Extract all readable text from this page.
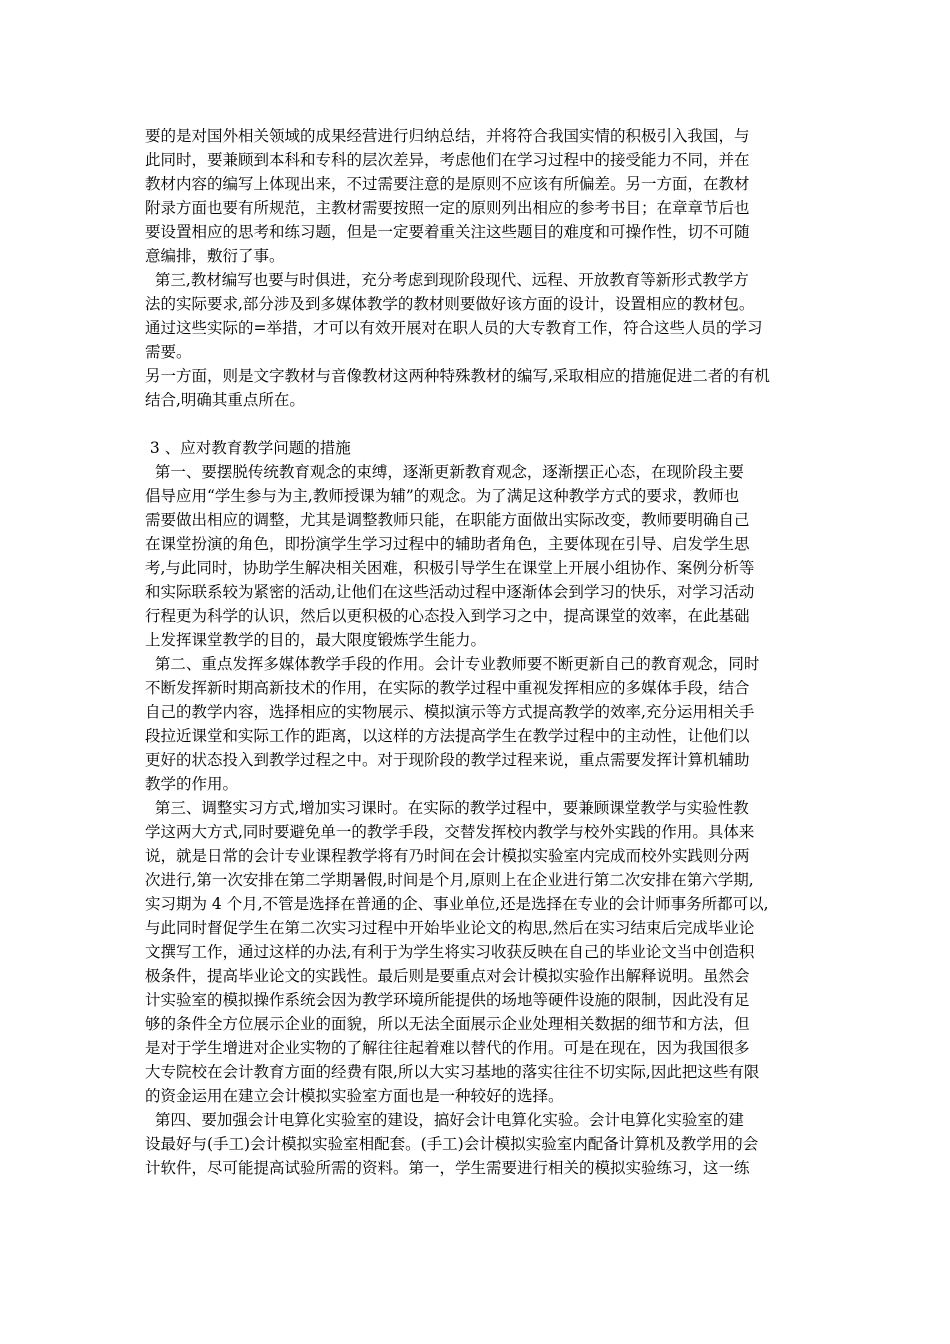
要的是对国外相关领域的成果经营进行归纳总结，并将符合我国实情的积极引入我国，与
此同时，要兼顾到本科和专科的层次差异，考虑他们在学习过程中的接受能力不同，并在
教材内容的编写上体现出来，不过需要注意的是原则不应该有所偏差。另一方面，在教材
附录方面也要有所规范，主教材需要按照一定的原则列出相应的参考书目；在章章节后也
要设置相应的思考和练习题，但是一定要着重关注这些题目的难度和可操作性，切不可随
意编排，敷衍了事。
第三,教材编写也要与时俱进，充分考虑到现阶段现代、远程、开放教育等新形式教学方
法的实际要求,部分涉及到多媒体教学的教材则要做好该方面的设计，设置相应的教材包。
通过这些实际的=举措，才可以有效开展对在职人员的大专教育工作，符合这些人员的学习
需要。
另一方面，则是文字教材与音像教材这两种特殊教材的编写,采取相应的措施促进二者的有机
结合,明确其重点所在。
3 、应对教育教学问题的措施
第一、要摆脱传统教育观念的束缚，逐渐更新教育观念，逐渐摆正心态，在现阶段主要
倡导应用“学生参与为主,教师授课为辅”的观念。为了满足这种教学方式的要求，教师也
需要做出相应的调整，尤其是调整教师只能，在职能方面做出实际改变，教师要明确自己
在课堂扮演的角色，即扮演学生学习过程中的辅助者角色，主要体现在引导、启发学生思
考,与此同时，协助学生解决相关困难，积极引导学生在课堂上开展小组协作、案例分析等
和实际联系较为紧密的活动,让他们在这些活动过程中逐渐体会到学习的快乐，对学习活动
行程更为科学的认识，然后以更积极的心态投入到学习之中，提高课堂的效率，在此基础
上发挥课堂教学的目的，最大限度锻炼学生能力。
第二、重点发挥多媒体教学手段的作用。会计专业教师要不断更新自己的教育观念，同时
不断发挥新时期高新技术的作用，在实际的教学过程中重视发挥相应的多媒体手段，结合
自己的教学内容，选择相应的实物展示、模拟演示等方式提高教学的效率,充分运用相关手
段拉近课堂和实际工作的距离，以这样的方法提高学生在教学过程中的主动性，让他们以
更好的状态投入到教学过程之中。对于现阶段的教学过程来说，重点需要发挥计算机辅助
教学的作用。
第三、调整实习方式,增加实习课时。在实际的教学过程中，要兼顾课堂教学与实验性教
学这两大方式,同时要避免单一的教学手段，交替发挥校内教学与校外实践的作用。具体来
说，就是日常的会计专业课程教学将有乃时间在会计模拟实验室内完成而校外实践则分两
次进行,第一次安排在第二学期暑假,时间是个月,原则上在企业进行第二次安排在第六学期,
实习期为 4 个月,不管是选择在普通的企、事业单位,还是选择在专业的会计师事务所都可以,
与此同时督促学生在第二次实习过程中开始毕业论文的构思,然后在实习结束后完成毕业论
文撰写工作，通过这样的办法,有利于为学生将实习收获反映在自己的毕业论文当中创造积
极条件，提高毕业论文的实践性。最后则是要重点对会计模拟实验作出解释说明。虽然会
计实验室的模拟操作系统会因为教学环境所能提供的场地等硬件设施的限制，因此没有足
够的条件全方位展示企业的面貌，所以无法全面展示企业处理相关数据的细节和方法，但
是对于学生增进对企业实物的了解往往起着难以替代的作用。可是在现在，因为我国很多
大专院校在会计教育方面的经费有限,所以大实习基地的落实往往不切实际,因此把这些有限
的资金运用在建立会计模拟实验室方面也是一种较好的选择。
第四、要加强会计电算化实验室的建设，搞好会计电算化实验。会计电算化实验室的建
设最好与(手工)会计模拟实验室相配套。(手工)会计模拟实验室内配备计算机及教学用的会
计软件，尽可能提高试验所需的资料。第一，学生需要进行相关的模拟实验练习，这一练
